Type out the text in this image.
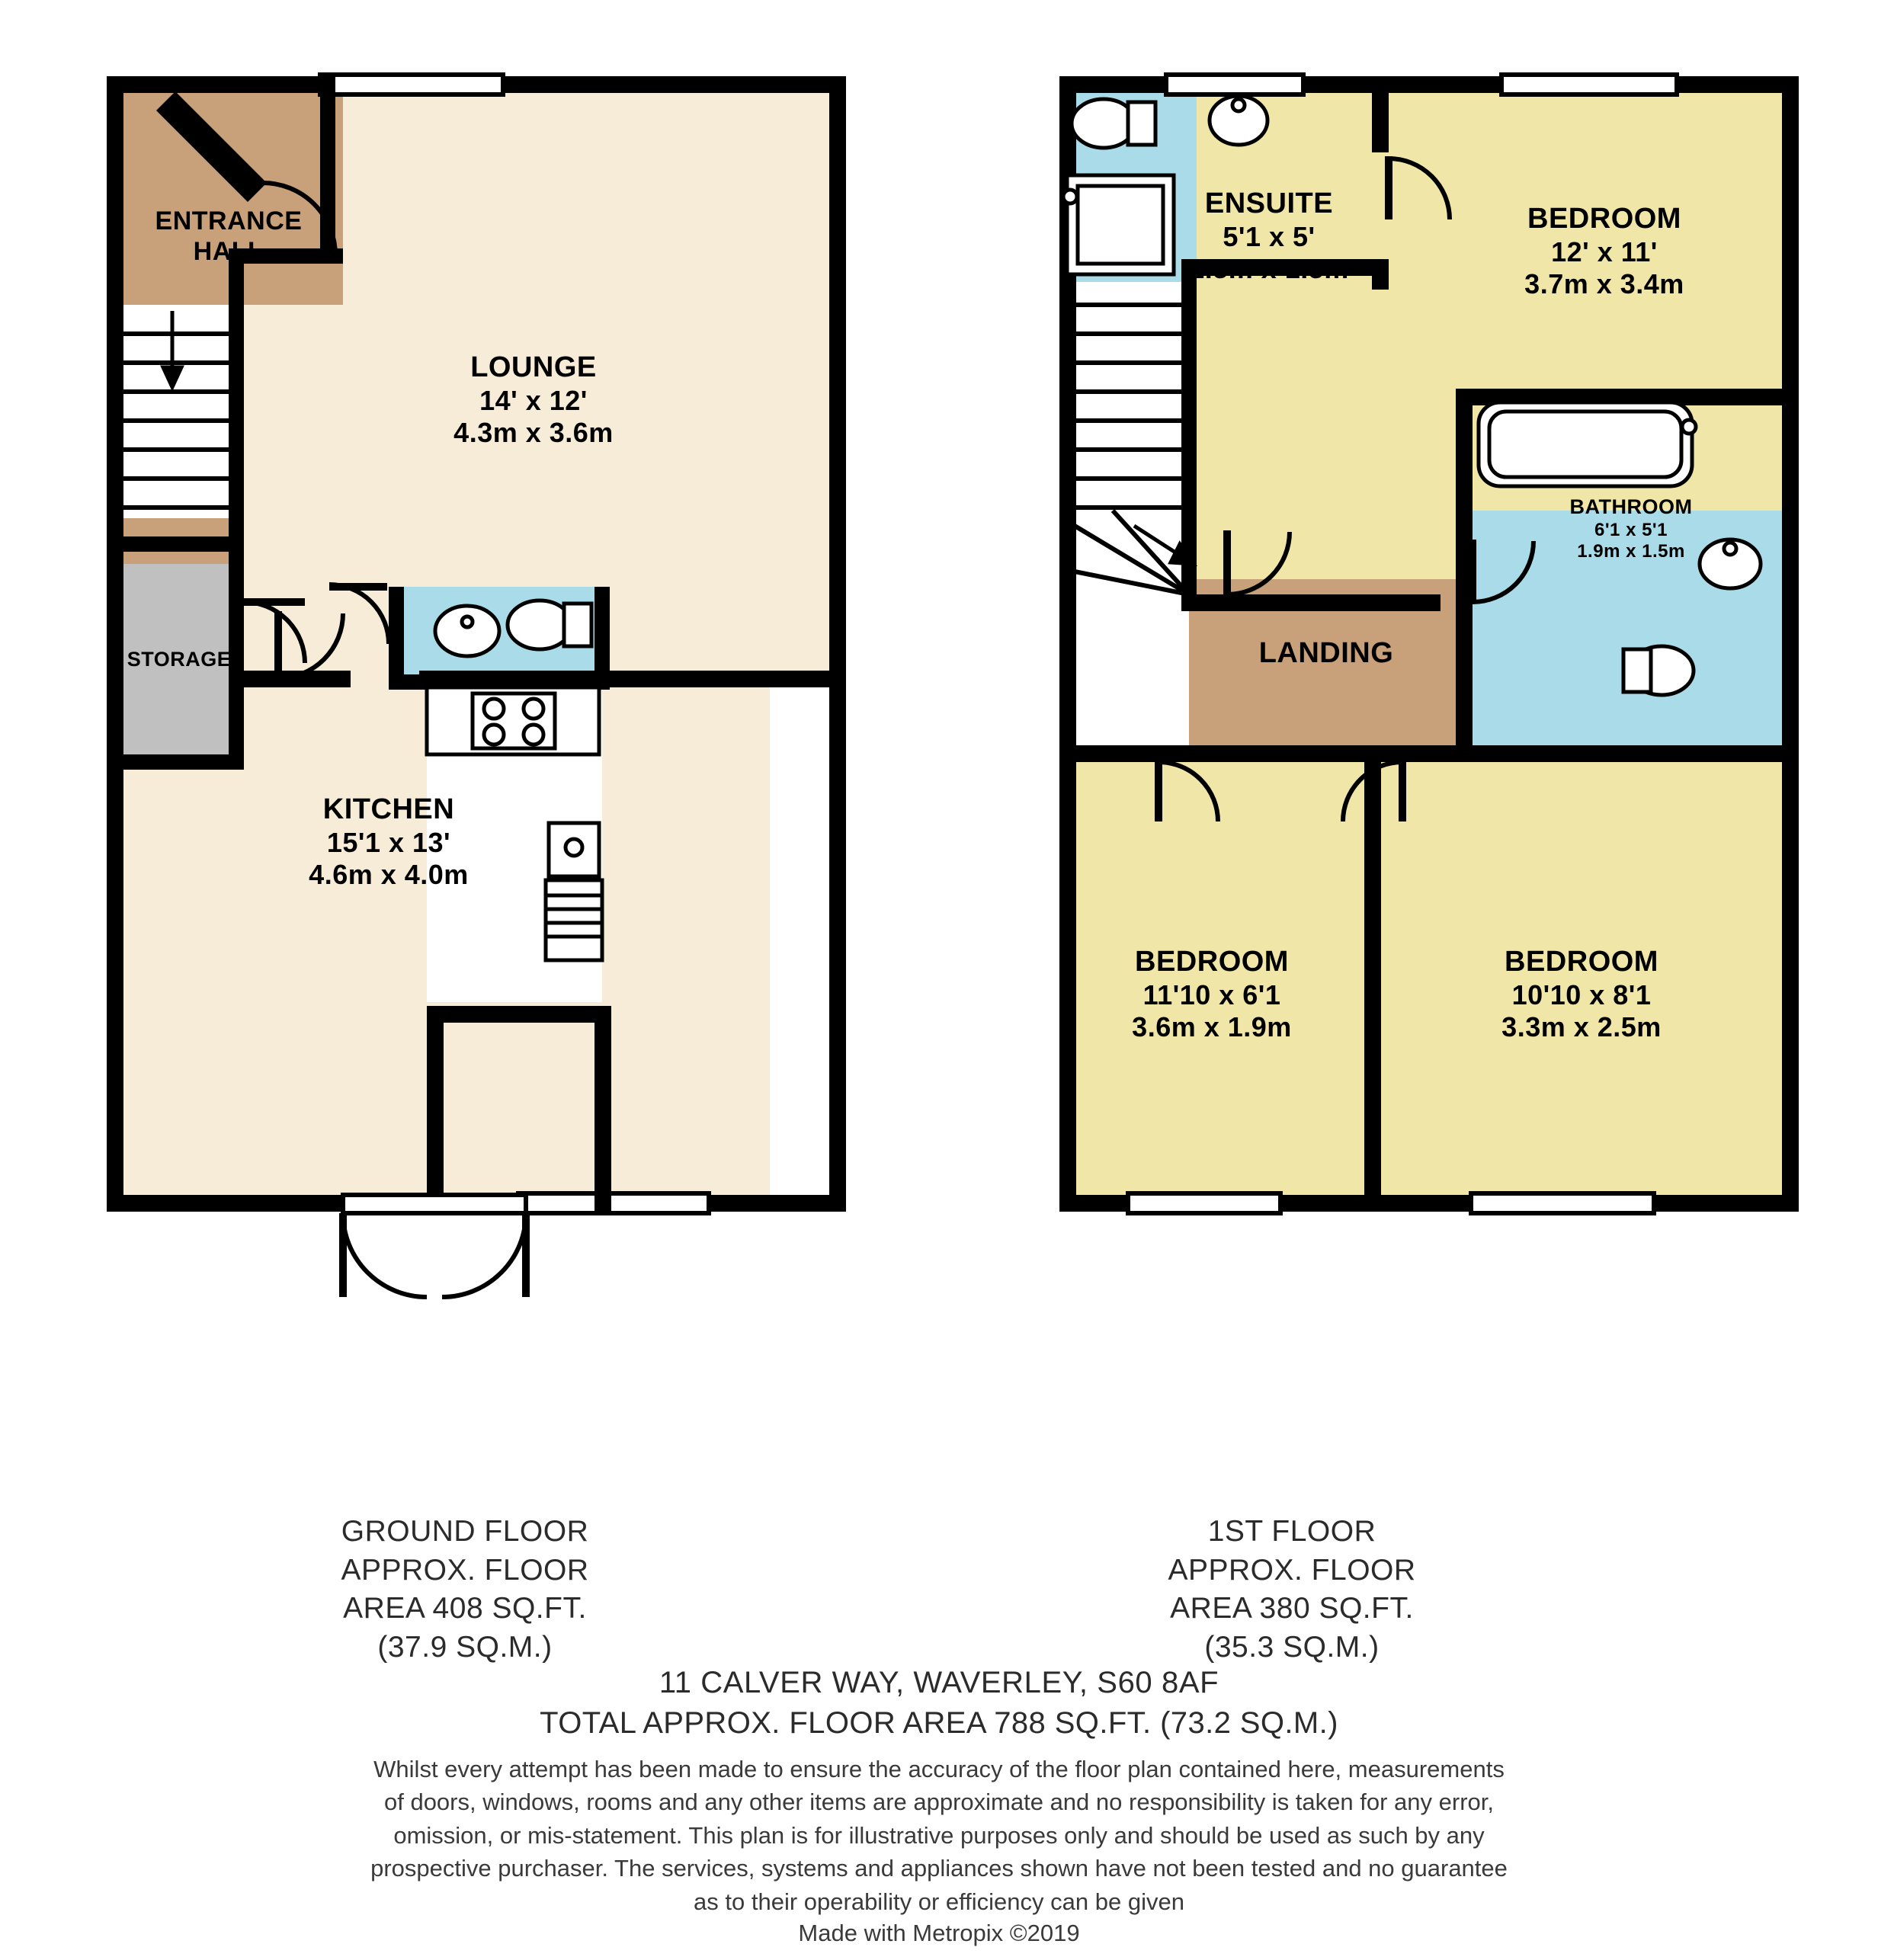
ENTRANCE
HALL
LOUNGE
14' x 12'
4.3m x 3.6m
STORAGE
KITCHEN
15'1 x 13'
4.6m x 4.0m
ENSUITE
5'1 x 5'
1.5m x 1.5m
BEDROOM
12' x 11'
3.7m x 3.4m
BATHROOM
6'1 x 5'1
1.9m x 1.5m
LANDING
BEDROOM
11'10 x 6'1
3.6m x 1.9m
BEDROOM
10'10 x 8'1
3.3m x 2.5m
GROUND FLOOR
APPROX. FLOOR
AREA 408 SQ.FT.
(37.9 SQ.M.)
1ST FLOOR
APPROX. FLOOR
AREA 380 SQ.FT.
(35.3 SQ.M.)
11 CALVER WAY, WAVERLEY, S60 8AF
TOTAL APPROX. FLOOR AREA 788 SQ.FT. (73.2 SQ.M.)
Whilst every attempt has been made to ensure the accuracy of the floor plan contained here, measurements
of doors, windows, rooms and any other items are approximate and no responsibility is taken for any error,
omission, or mis-statement. This plan is for illustrative purposes only and should be used as such by any
prospective purchaser. The services, systems and appliances shown have not been tested and no guarantee
as to their operability or efficiency can be given
Made with Metropix ©2019
